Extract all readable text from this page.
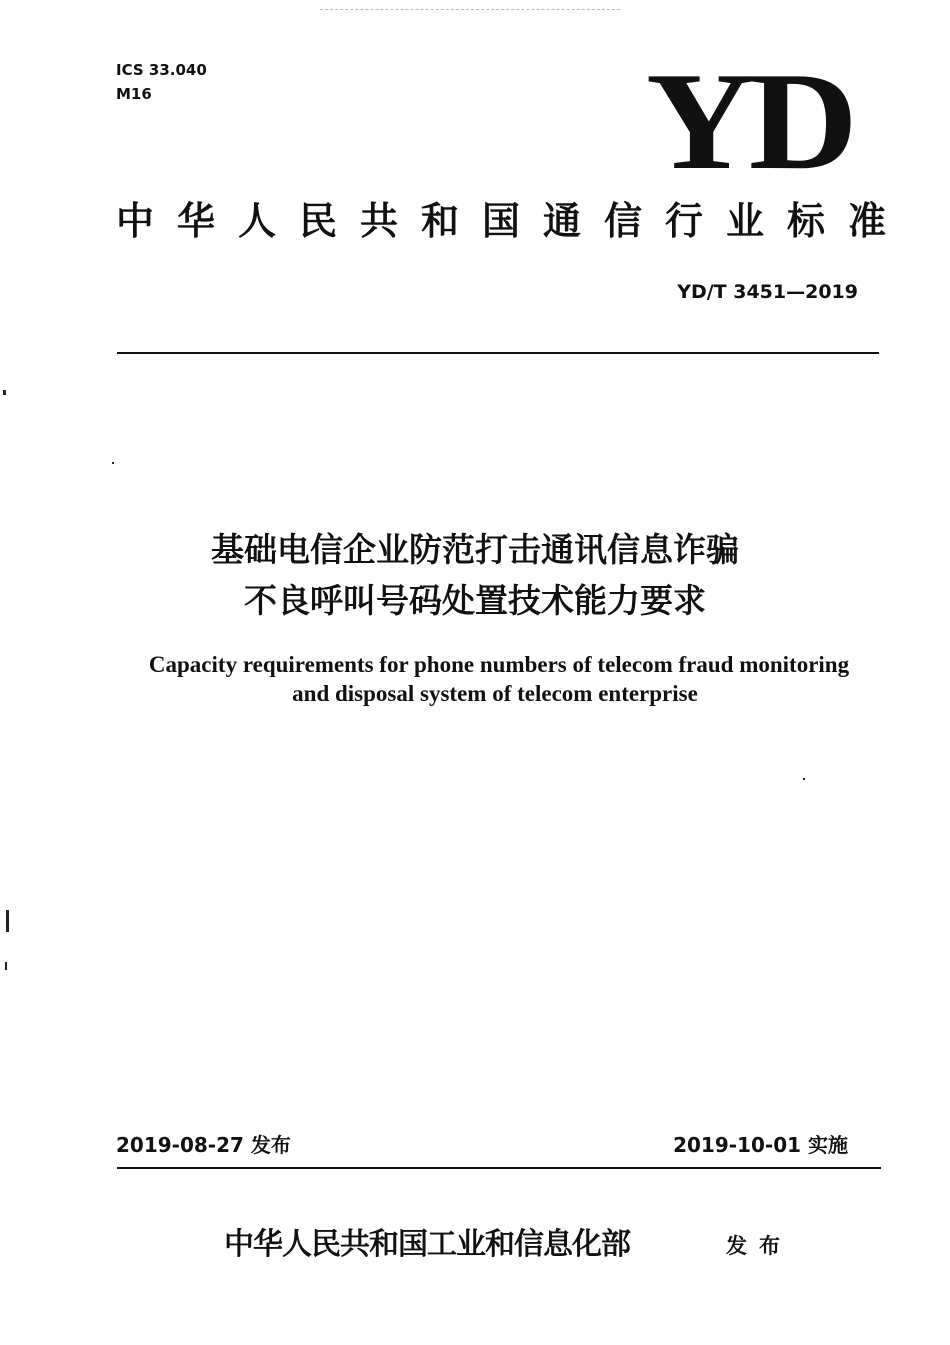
ICS 33.040
M16	YD
中华人民共和国通信行业标准
YD/T 3451—2019
基础电信企业防范打击通讯信息诈骗
不良呼叫号码处置技术能力要求
Capacity requirements for phone numbers of telecom fraud monitoring
and disposal system of telecom enterprise
2019-08-27 发布	2019-10-01 实施
中华人民共和国工业和信息化部	发布
